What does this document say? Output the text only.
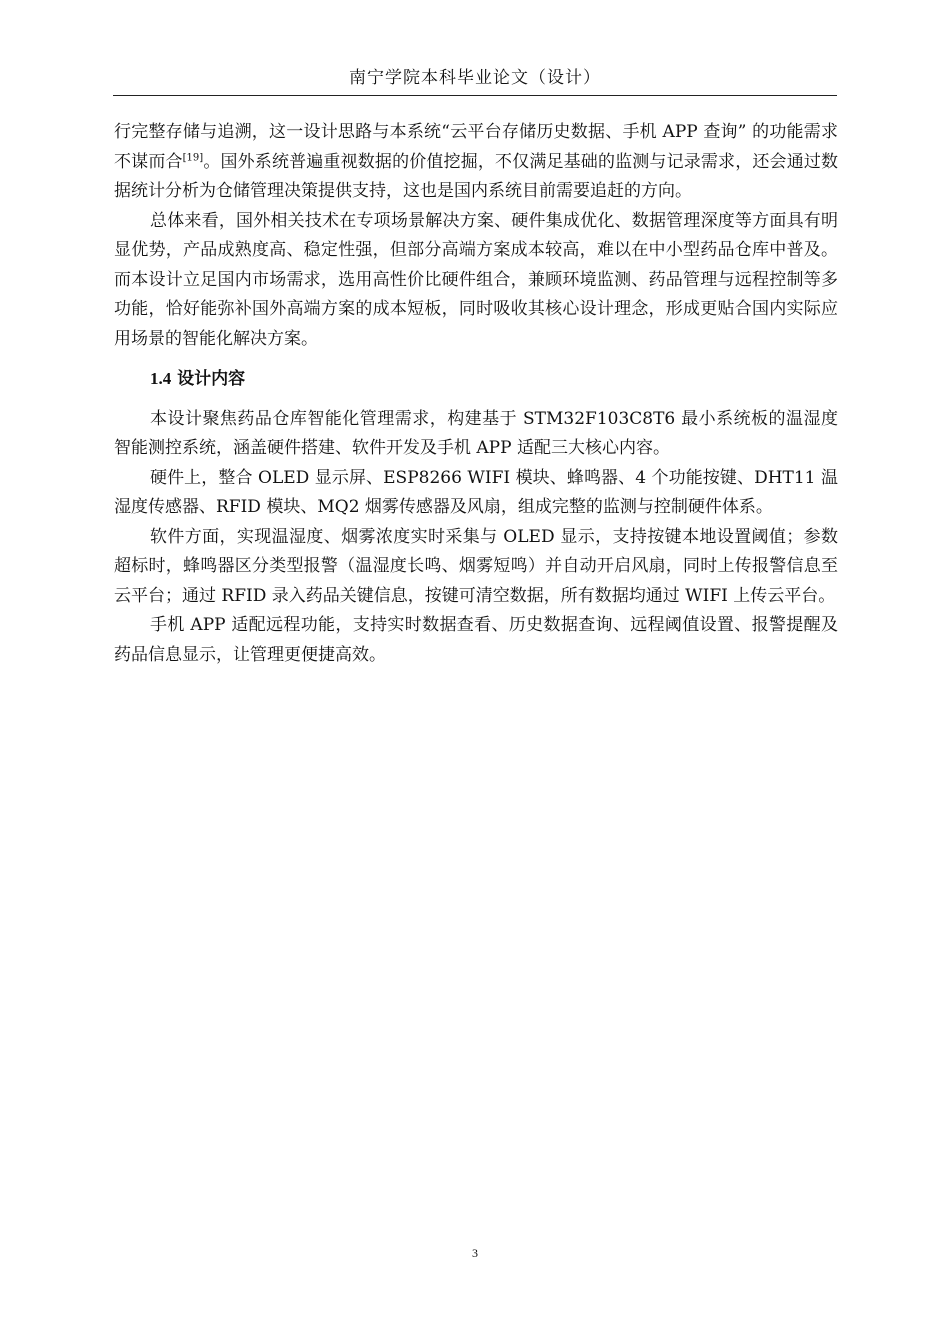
南宁学院本科毕业论文（设计）

行完整存储与追溯，这一设计思路与本系统“云平台存储历史数据、手机 APP 查询” 的功能需求不谋而合[19]。国外系统普遍重视数据的价值挖掘，不仅满足基础的监测与记录需求，还会通过数据统计分析为仓储管理决策提供支持，这也是国内系统目前需要追赶的方向。

总体来看，国外相关技术在专项场景解决方案、硬件集成优化、数据管理深度等方面具有明显优势，产品成熟度高、稳定性强，但部分高端方案成本较高，难以在中小型药品仓库中普及。而本设计立足国内市场需求，选用高性价比硬件组合，兼顾环境监测、药品管理与远程控制等多功能，恰好能弥补国外高端方案的成本短板，同时吸收其核心设计理念，形成更贴合国内实际应用场景的智能化解决方案。

1.4 设计内容

本设计聚焦药品仓库智能化管理需求，构建基于 STM32F103C8T6 最小系统板的温湿度智能测控系统，涵盖硬件搭建、软件开发及手机 APP 适配三大核心内容。

硬件上，整合 OLED 显示屏、ESP8266 WIFI 模块、蜂鸣器、4 个功能按键、DHT11 温湿度传感器、RFID 模块、MQ2 烟雾传感器及风扇，组成完整的监测与控制硬件体系。

软件方面，实现温湿度、烟雾浓度实时采集与 OLED 显示，支持按键本地设置阈值；参数超标时，蜂鸣器区分类型报警（温湿度长鸣、烟雾短鸣）并自动开启风扇，同时上传报警信息至云平台；通过 RFID 录入药品关键信息，按键可清空数据，所有数据均通过 WIFI 上传云平台。

手机 APP 适配远程功能，支持实时数据查看、历史数据查询、远程阈值设置、报警提醒及药品信息显示，让管理更便捷高效。

3
